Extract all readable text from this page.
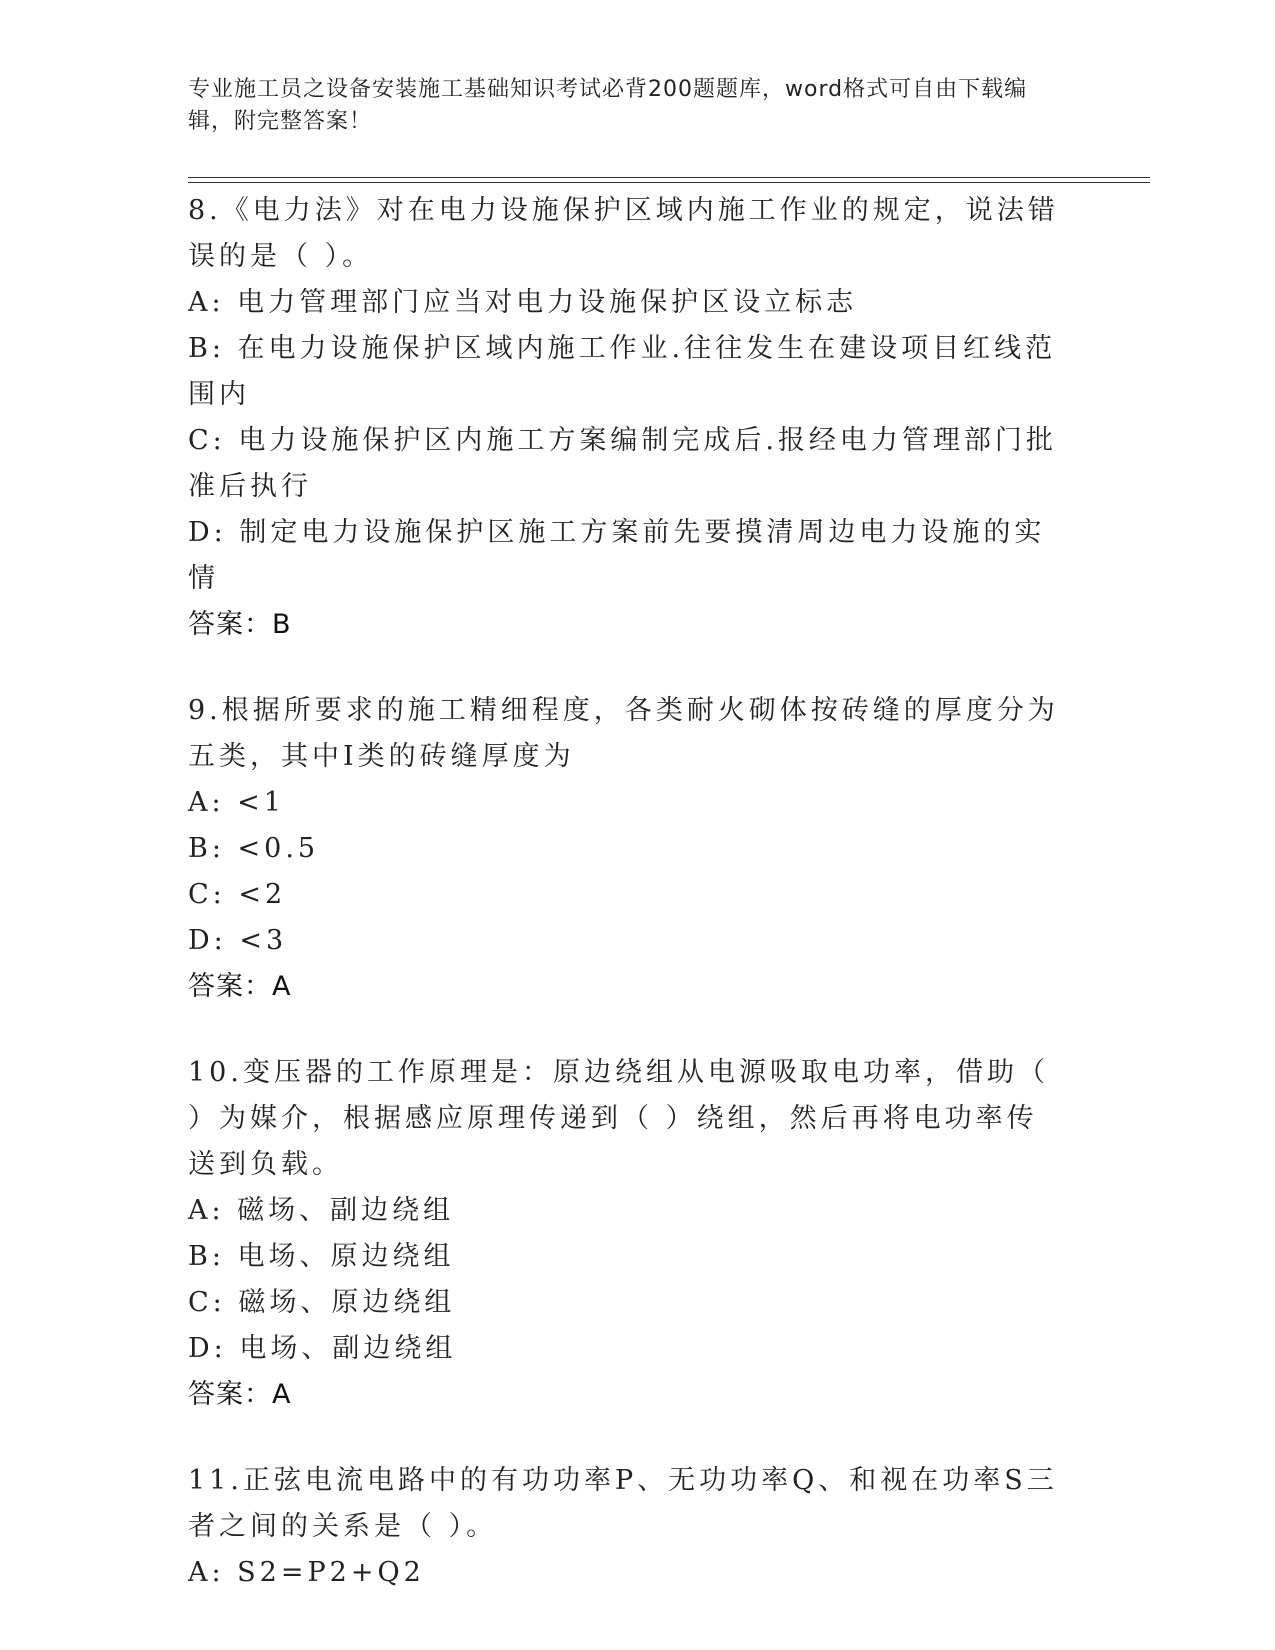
专业施工员之设备安装施工基础知识考试必背200题题库，word格式可自由下载编辑，附完整答案！

8.《电力法》对在电力设施保护区域内施工作业的规定，说法错误的是（ ）。

A: 电力管理部门应当对电力设施保护区设立标志

B: 在电力设施保护区域内施工作业.往往发生在建设项目红线范围内

C: 电力设施保护区内施工方案编制完成后.报经电力管理部门批准后执行

D: 制定电力设施保护区施工方案前先要摸清周边电力设施的实情

答案：B

9.根据所要求的施工精细程度，各类耐火砌体按砖缝的厚度分为五类，其中I类的砖缝厚度为

A: <1

B: <0.5

C: <2

D: <3

答案：A

10.变压器的工作原理是：原边绕组从电源吸取电功率，借助（ ）为媒介，根据感应原理传递到（ ）绕组，然后再将电功率传送到负载。

A: 磁场、副边绕组

B: 电场、原边绕组

C: 磁场、原边绕组

D: 电场、副边绕组

答案：A

11.正弦电流电路中的有功功率P、无功功率Q、和视在功率S三者之间的关系是（ ）。

A: S2=P2+Q2
